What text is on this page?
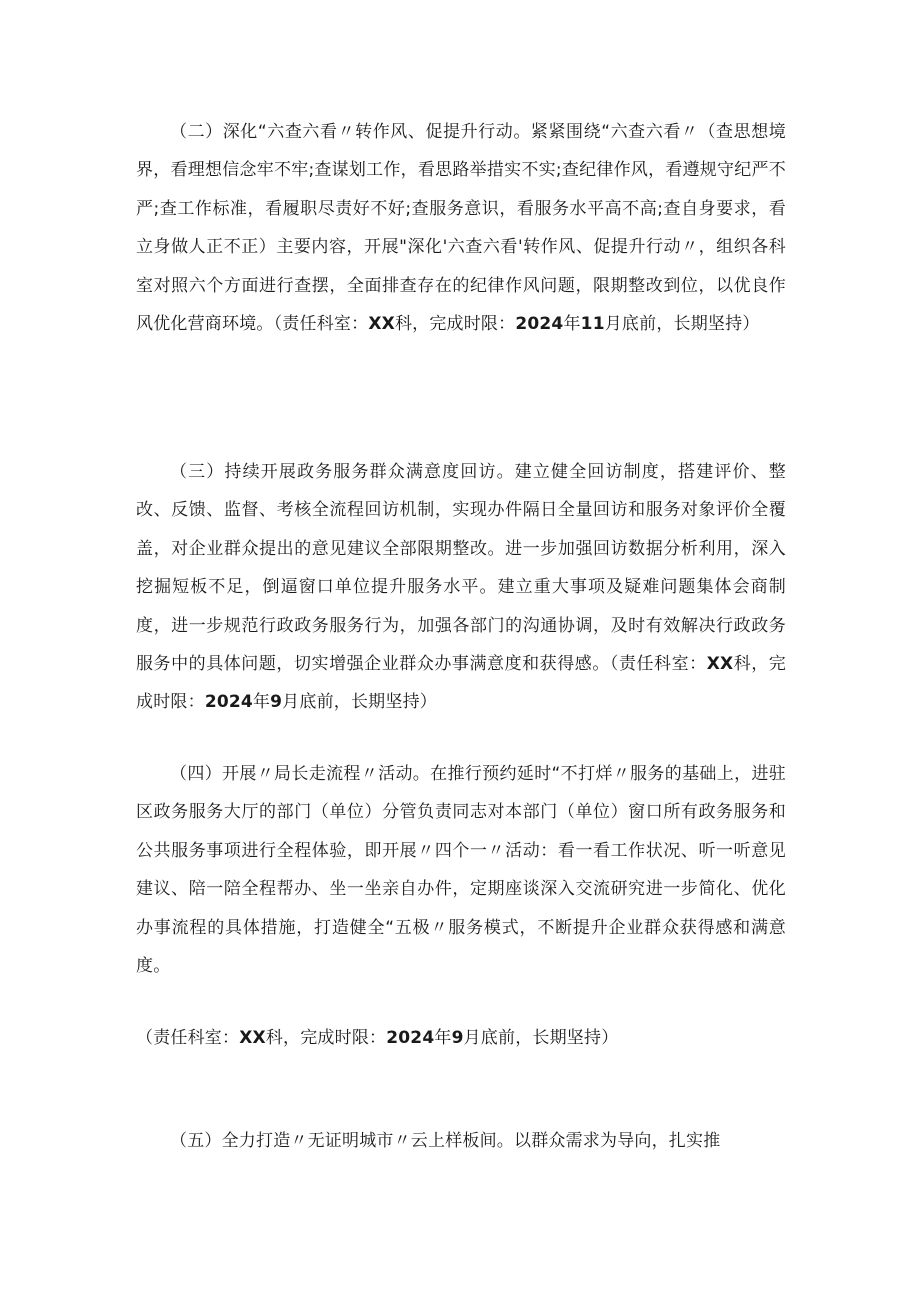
（二）深化“六查六看〃转作风、促提升行动。紧紧围绕“六查六看〃（查思想境界，看理想信念牢不牢;查谋划工作，看思路举措实不实;查纪律作风，看遵规守纪严不严;查工作标准，看履职尽责好不好;查服务意识，看服务水平高不高;查自身要求，看立身做人正不正）主要内容，开展"深化'六查六看'转作风、促提升行动〃，组织各科室对照六个方面进行查摆，全面排查存在的纪律作风问题，限期整改到位，以优良作风优化营商环境。（责任科室：XX科，完成时限：2024年11月底前，长期坚持）

（三）持续开展政务服务群众满意度回访。建立健全回访制度，搭建评价、整改、反馈、监督、考核全流程回访机制，实现办件隔日全量回访和服务对象评价全覆盖，对企业群众提出的意见建议全部限期整改。进一步加强回访数据分析利用，深入挖掘短板不足，倒逼窗口单位提升服务水平。建立重大事项及疑难问题集体会商制度，进一步规范行政政务服务行为，加强各部门的沟通协调，及时有效解决行政政务服务中的具体问题，切实增强企业群众办事满意度和获得感。（责任科室：XX科，完成时限：2024年9月底前，长期坚持）

（四）开展〃局长走流程〃活动。在推行预约延时“不打烊〃服务的基础上，进驻区政务服务大厅的部门（单位）分管负责同志对本部门（单位）窗口所有政务服务和公共服务事项进行全程体验，即开展〃四个一〃活动：看一看工作状况、听一听意见建议、陪一陪全程帮办、坐一坐亲自办件，定期座谈深入交流研究进一步简化、优化办事流程的具体措施，打造健全“五极〃服务模式，不断提升企业群众获得感和满意度。

（责任科室：XX科，完成时限：2024年9月底前，长期坚持）

（五）全力打造〃无证明城市〃云上样板间。以群众需求为导向，扎实推
